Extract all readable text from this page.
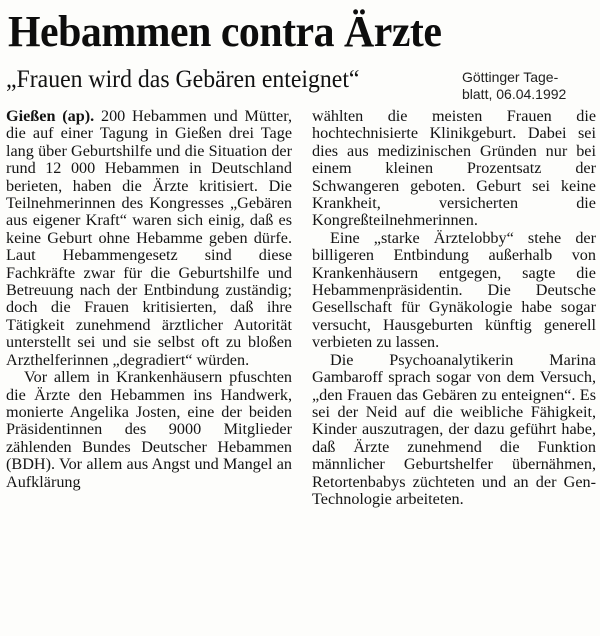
Hebammen contra Ärzte
„Frauen wird das Gebären enteignet“	Göttinger Tage-
blatt, 06.04.1992

Gießen (ap). 200 Hebammen und Mütter, die auf einer Tagung in Gießen drei Tage lang über Geburtshilfe und die Situation der rund 12 000 Hebammen in Deutschland berieten, haben die Ärzte kritisiert. Die Teilnehmerinnen des Kongresses „Gebären aus eigener Kraft“ waren sich einig, daß es keine Geburt ohne Hebamme geben dürfe. Laut Hebammengesetz sind diese Fachkräfte zwar für die Geburtshilfe und Betreuung nach der Entbindung zuständig; doch die Frauen kritisierten, daß ihre Tätigkeit zunehmend ärztlicher Autorität unterstellt sei und sie selbst oft zu bloßen Arzthelferinnen „degradiert“ würden.

Vor allem in Krankenhäusern pfuschten die Ärzte den Hebammen ins Handwerk, monierte Angelika Josten, eine der beiden Präsidentinnen des 9000 Mitglieder zählenden Bundes Deutscher Hebammen (BDH). Vor allem aus Angst und Mangel an Aufklärung

wählten die meisten Frauen die hochtechnisierte Klinikgeburt. Dabei sei dies aus medizinischen Gründen nur bei einem kleinen Prozentsatz der Schwangeren geboten. Geburt sei keine Krankheit, versicherten die Kongreßteilnehmerinnen.

Eine „starke Ärztelobby“ stehe der billigeren Entbindung außerhalb von Krankenhäusern entgegen, sagte die Hebammenpräsidentin. Die Deutsche Gesellschaft für Gynäkologie habe sogar versucht, Hausgeburten künftig generell verbieten zu lassen.

Die Psychoanalytikerin Marina Gambaroff sprach sogar von dem Versuch, „den Frauen das Gebären zu enteignen“. Es sei der Neid auf die weibliche Fähigkeit, Kinder auszutragen, der dazu geführt habe, daß Ärzte zunehmend die Funktion männlicher Geburtshelfer übernähmen, Retortenbabys züchteten und an der Gen-Technologie arbeiteten.
